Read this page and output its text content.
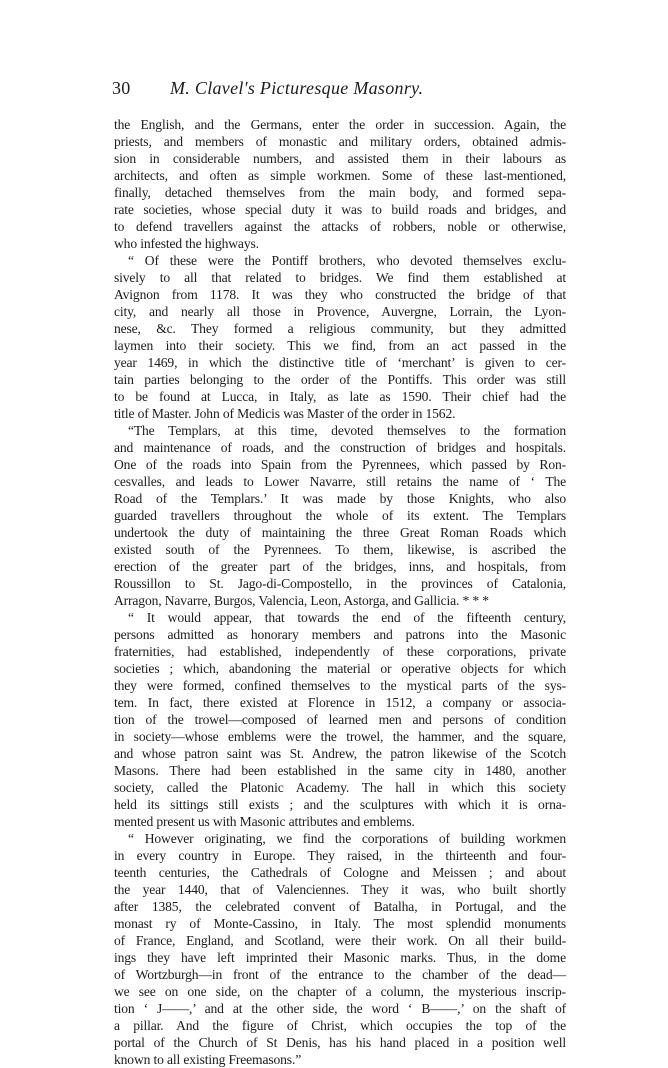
30 M. Clavel's Picturesque Masonry.
the English, and the Germans, enter the order in succession. Again, the
priests, and members of monastic and military orders, obtained admis-
sion in considerable numbers, and assisted them in their labours as
architects, and often as simple workmen. Some of these last-mentioned,
finally, detached themselves from the main body, and formed sepa-
rate societies, whose special duty it was to build roads and bridges, and
to defend travellers against the attacks of robbers, noble or otherwise,
who infested the highways.
“ Of these were the Pontiff brothers, who devoted themselves exclu-
sively to all that related to bridges. We find them established at
Avignon from 1178. It was they who constructed the bridge of that
city, and nearly all those in Provence, Auvergne, Lorrain, the Lyon-
nese, &c. They formed a religious community, but they admitted
laymen into their society. This we find, from an act passed in the
year 1469, in which the distinctive title of ‘merchant’ is given to cer-
tain parties belonging to the order of the Pontiffs. This order was still
to be found at Lucca, in Italy, as late as 1590. Their chief had the
title of Master. John of Medicis was Master of the order in 1562.
“The Templars, at this time, devoted themselves to the formation
and maintenance of roads, and the construction of bridges and hospitals.
One of the roads into Spain from the Pyrennees, which passed by Ron-
cesvalles, and leads to Lower Navarre, still retains the name of ‘ The
Road of the Templars.’ It was made by those Knights, who also
guarded travellers throughout the whole of its extent. The Templars
undertook the duty of maintaining the three Great Roman Roads which
existed south of the Pyrennees. To them, likewise, is ascribed the
erection of the greater part of the bridges, inns, and hospitals, from
Roussillon to St. Jago-di-Compostello, in the provinces of Catalonia,
Arragon, Navarre, Burgos, Valencia, Leon, Astorga, and Gallicia. * * *
“ It would appear, that towards the end of the fifteenth century,
persons admitted as honorary members and patrons into the Masonic
fraternities, had established, independently of these corporations, private
societies ; which, abandoning the material or operative objects for which
they were formed, confined themselves to the mystical parts of the sys-
tem. In fact, there existed at Florence in 1512, a company or associa-
tion of the trowel—composed of learned men and persons of condition
in society—whose emblems were the trowel, the hammer, and the square,
and whose patron saint was St. Andrew, the patron likewise of the Scotch
Masons. There had been established in the same city in 1480, another
society, called the Platonic Academy. The hall in which this society
held its sittings still exists ; and the sculptures with which it is orna-
mented present us with Masonic attributes and emblems.
“ However originating, we find the corporations of building workmen
in every country in Europe. They raised, in the thirteenth and four-
teenth centuries, the Cathedrals of Cologne and Meissen ; and about
the year 1440, that of Valenciennes. They it was, who built shortly
after 1385, the celebrated convent of Batalha, in Portugal, and the
monast ry of Monte-Cassino, in Italy. The most splendid monuments
of France, England, and Scotland, were their work. On all their build-
ings they have left imprinted their Masonic marks. Thus, in the dome
of Wortzburgh—in front of the entrance to the chamber of the dead—
we see on one side, on the chapter of a column, the mysterious inscrip-
tion ‘ J——,’ and at the other side, the word ‘ B——,’ on the shaft of
a pillar. And the figure of Christ, which occupies the top of the
portal of the Church of St Denis, has his hand placed in a position well
known to all existing Freemasons.”
